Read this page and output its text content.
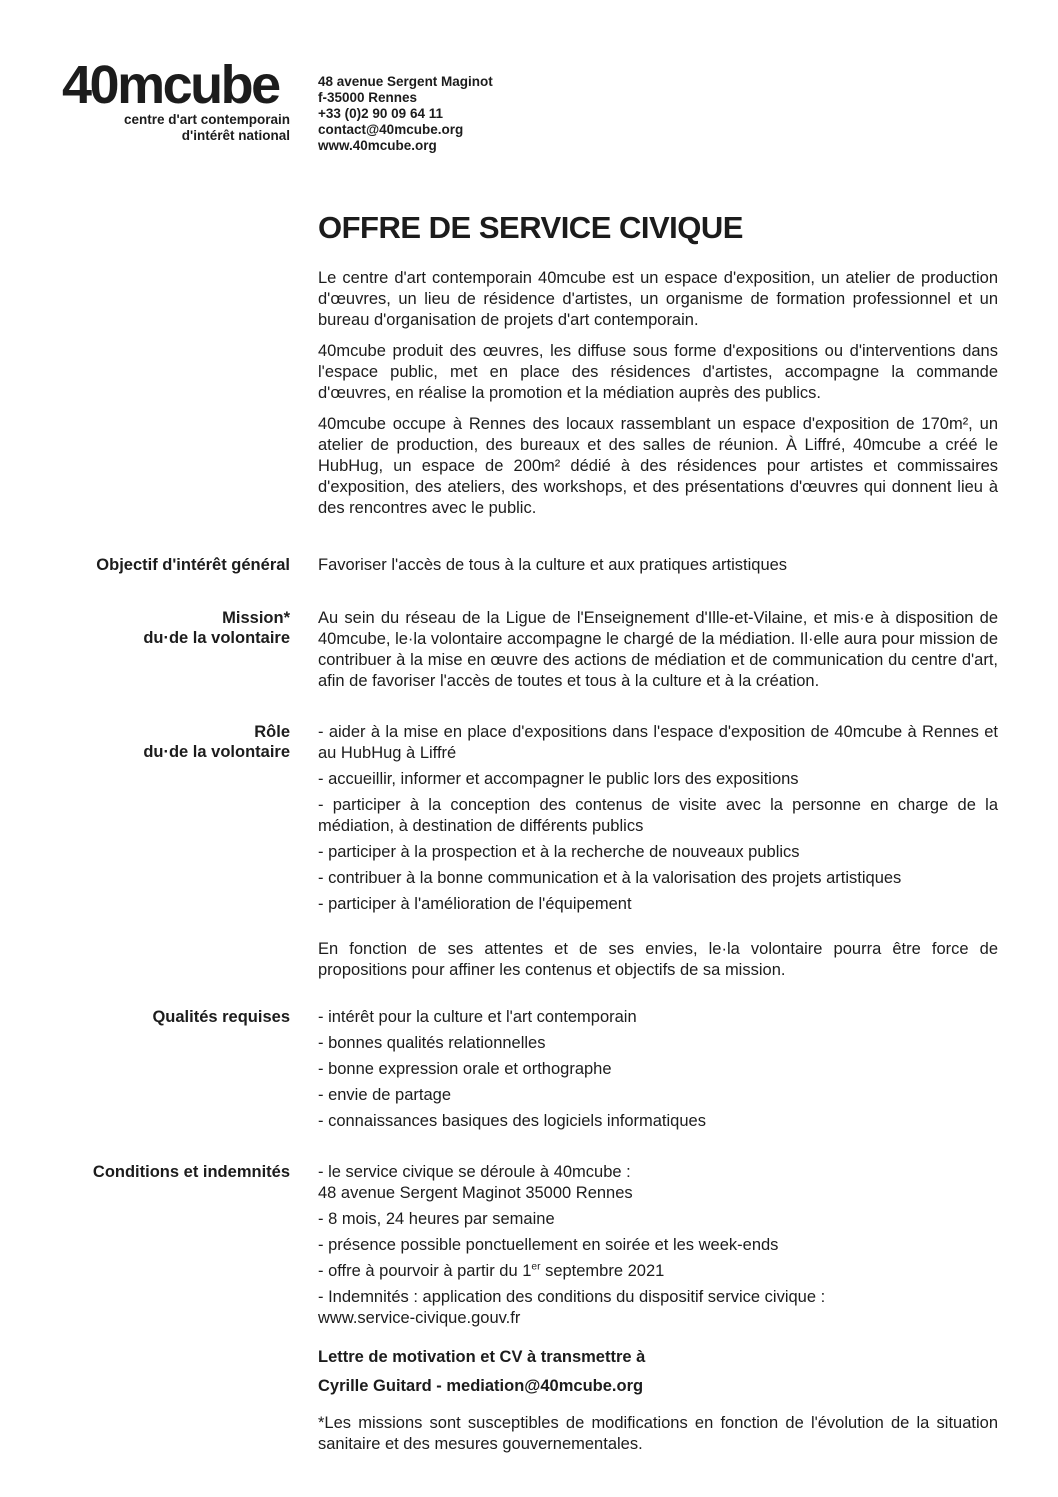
40mcube
centre d'art contemporain
d'intérêt national
48 avenue Sergent Maginot
f-35000 Rennes
+33 (0)2 90 09 64 11
contact@40mcube.org
www.40mcube.org
OFFRE DE SERVICE CIVIQUE

Le centre d'art contemporain 40mcube est un espace d'exposition, un atelier de production d'œuvres, un lieu de résidence d'artistes, un organisme de formation professionnel et un bureau d'organisation de projets d'art contemporain.

40mcube produit des œuvres, les diffuse sous forme d'expositions ou d'interventions dans l'espace public, met en place des résidences d'artistes, accompagne la commande d'œuvres, en réalise la promotion et la médiation auprès des publics.

40mcube occupe à Rennes des locaux rassemblant un espace d'exposition de 170m², un atelier de production, des bureaux et des salles de réunion. À Liffré, 40mcube a créé le HubHug, un espace de 200m² dédié à des résidences pour artistes et commissaires d'exposition, des ateliers, des workshops, et des présentations d'œuvres qui donnent lieu à des rencontres avec le public.

Objectif d'intérêt général Favoriser l'accès de tous à la culture et aux pratiques artistiques

Mission*
du·de la volontaire

Au sein du réseau de la Ligue de l'Enseignement d'Ille-et-Vilaine, et mis·e à disposition de 40mcube, le·la volontaire accompagne le chargé de la médiation. Il·elle aura pour mission de contribuer à la mise en œuvre des actions de médiation et de communication du centre d'art, afin de favoriser l'accès de toutes et tous à la culture et à la création.

Rôle
du·de la volontaire

- aider à la mise en place d'expositions dans l'espace d'exposition de 40mcube à Rennes et au HubHug à Liffré

- accueillir, informer et accompagner le public lors des expositions

- participer à la conception des contenus de visite avec la personne en charge de la médiation, à destination de différents publics

- participer à la prospection et à la recherche de nouveaux publics

- contribuer à la bonne communication et à la valorisation des projets artistiques

- participer à l'amélioration de l'équipement

En fonction de ses attentes et de ses envies, le·la volontaire pourra être force de propositions pour affiner les contenus et objectifs de sa mission.

Qualités requises - intérêt pour la culture et l'art contemporain

- bonnes qualités relationnelles

- bonne expression orale et orthographe

- envie de partage

- connaissances basiques des logiciels informatiques

Conditions et indemnités - le service civique se déroule à 40mcube :

48 avenue Sergent Maginot 35000 Rennes

- 8 mois, 24 heures par semaine

- présence possible ponctuellement en soirée et les week-ends

- offre à pourvoir à partir du 1er septembre 2021

- Indemnités : application des conditions du dispositif service civique :

www.service-civique.gouv.fr

Lettre de motivation et CV à transmettre à

Cyrille Guitard - mediation@40mcube.org

*Les missions sont susceptibles de modifications en fonction de l'évolution de la situation sanitaire et des mesures gouvernementales.
